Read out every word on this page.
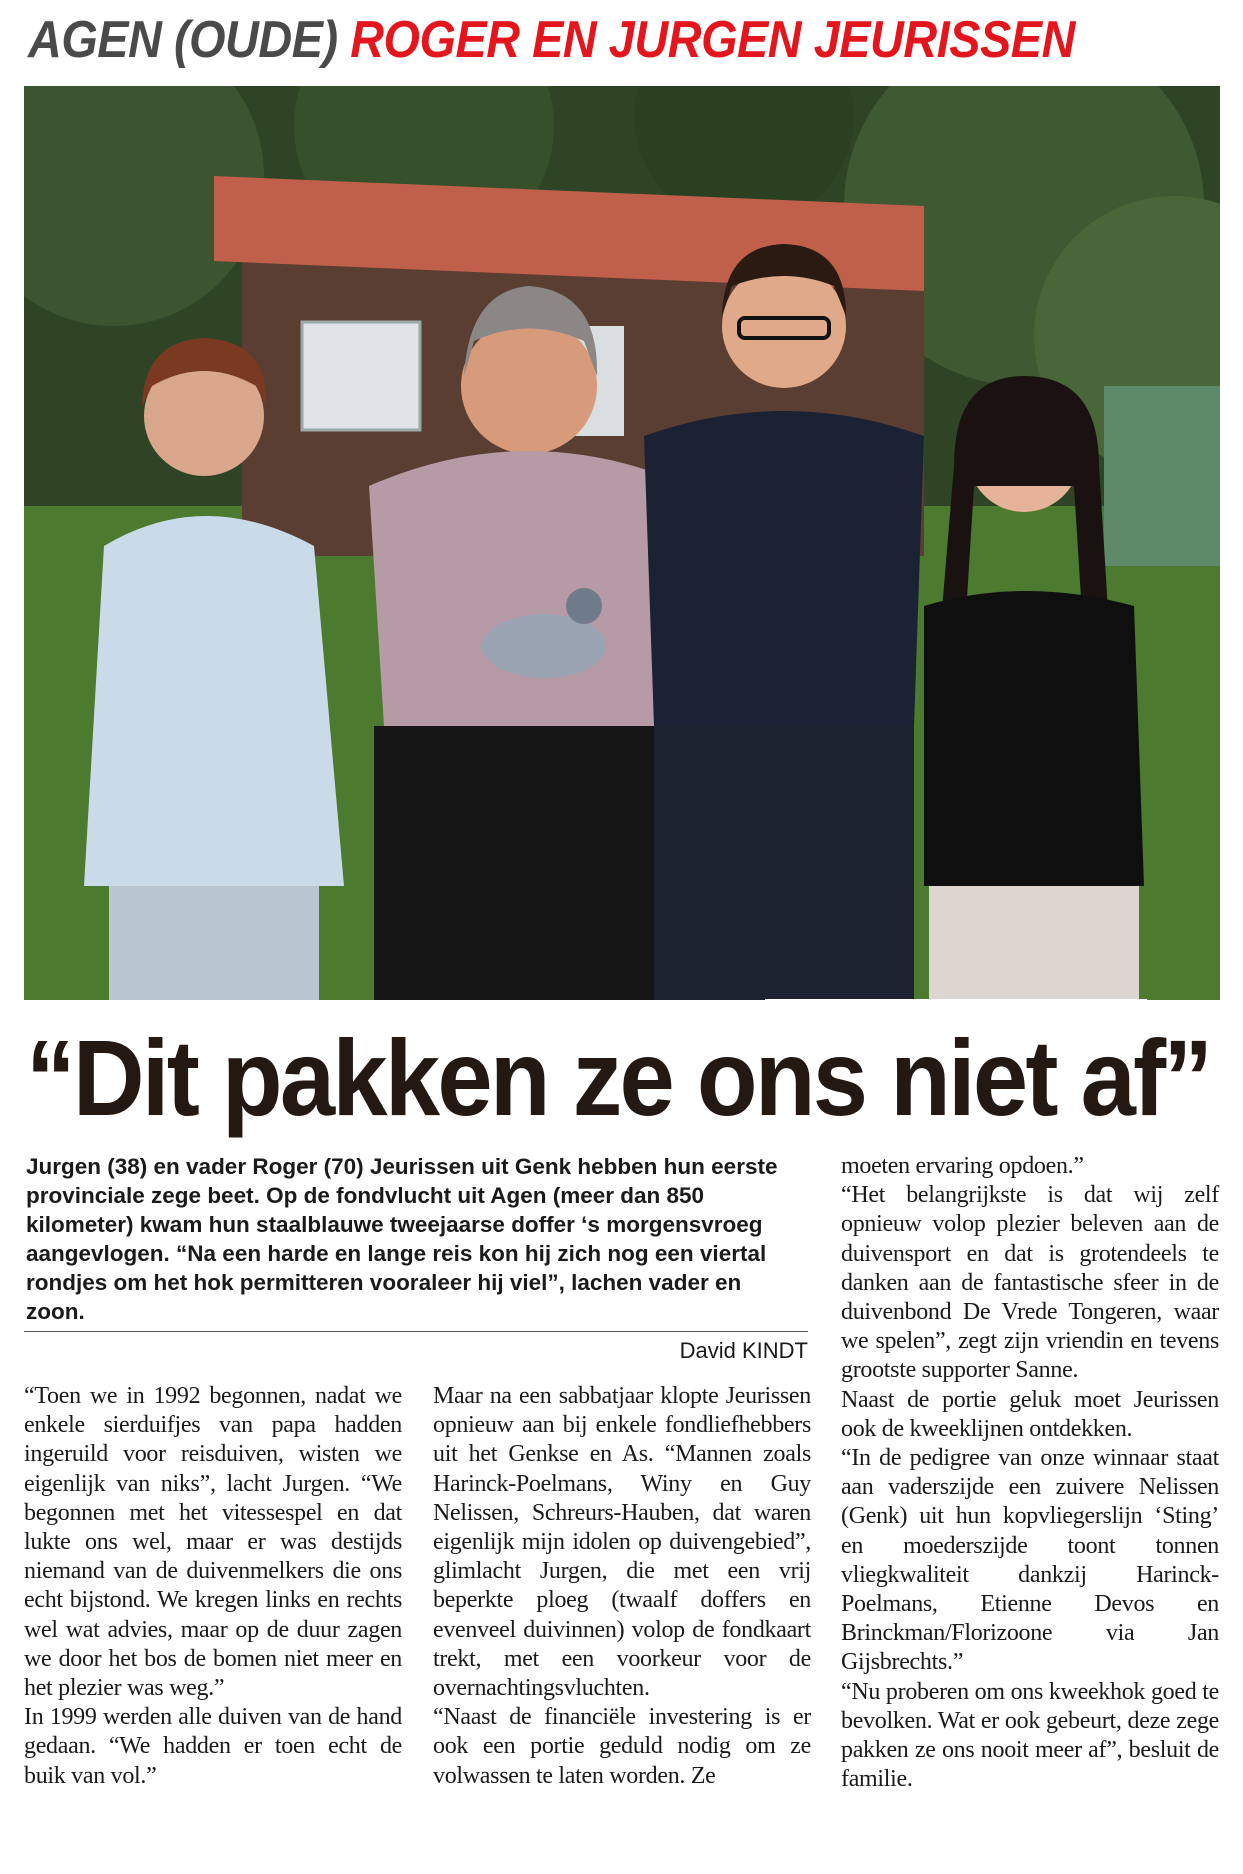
AGEN (OUDE) ROGER EN JURGEN JEURISSEN
“Dit pakken ze ons niet af”

Jurgen (38) en vader Roger (70) Jeurissen uit Genk hebben hun eerste provinciale zege beet. Op de fondvlucht uit Agen (meer dan 850 kilometer) kwam hun staalblauwe tweejaarse doffer ‘s morgensvroeg aangevlogen. “Na een harde en lange reis kon hij zich nog een viertal rondjes om het hok permitteren vooraleer hij viel”, lachen vader en zoon.

David KINDT

“Toen we in 1992 begonnen, nadat we enkele sierduifjes van papa hadden ingeruild voor reisduiven, wisten we eigenlijk van niks”, lacht Jurgen. “We begonnen met het vitessespel en dat lukte ons wel, maar er was destijds niemand van de duivenmelkers die ons echt bijstond. We kregen links en rechts wel wat advies, maar op de duur zagen we door het bos de bomen niet meer en het plezier was weg.”

In 1999 werden alle duiven van de hand gedaan. “We hadden er toen echt de buik van vol.”

Maar na een sabbatjaar klopte Jeurissen opnieuw aan bij enkele fondliefhebbers uit het Genkse en As. “Mannen zoals Harinck-Poelmans, Winy en Guy Nelissen, Schreurs-Hauben, dat waren eigenlijk mijn idolen op duivengebied”, glimlacht Jurgen, die met een vrij beperkte ploeg (twaalf doffers en evenveel duivinnen) volop de fondkaart trekt, met een voorkeur voor de overnachtingsvluchten.

“Naast de financiële investering is er ook een portie geduld nodig om ze volwassen te laten worden. Ze

moeten ervaring opdoen.”

“Het belangrijkste is dat wij zelf opnieuw volop plezier beleven aan de duivensport en dat is grotendeels te danken aan de fantastische sfeer in de duivenbond De Vrede Tongeren, waar we spelen”, zegt zijn vriendin en tevens grootste supporter Sanne.

Naast de portie geluk moet Jeurissen ook de kweeklijnen ontdekken.

“In de pedigree van onze winnaar staat aan vaderszijde een zuivere Nelissen (Genk) uit hun kopvliegerslijn ‘Sting’ en moederszijde toont tonnen vliegkwaliteit dankzij Harinck-Poelmans, Etienne Devos en Brinckman/Florizoone via Jan Gijsbrechts.”

“Nu proberen om ons kweekhok goed te bevolken. Wat er ook gebeurt, deze zege pakken ze ons nooit meer af”, besluit de familie.
